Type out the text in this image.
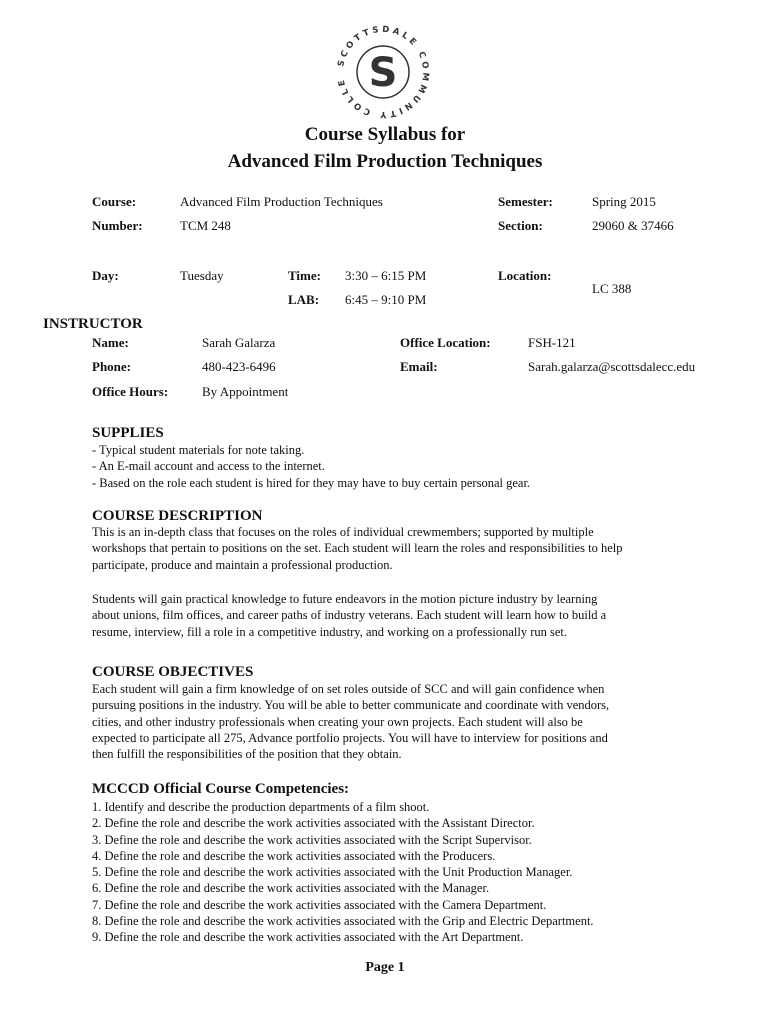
SCOTTSDALE COMMUNITY COLLE S
Course Syllabus for
Advanced Film Production Techniques
Course:	Advanced Film Production Techniques	Semester:	Spring 2015
Number:	TCM 248	Section:	29060 & 37466
Day:	Tuesday	Time: 3:30 – 6:15 PM	Location:
LC 388
LAB: 6:45 – 9:10 PM
INSTRUCTOR
Name:	Sarah Galarza	Office Location:	FSH-121
Phone:	480-423-6496	Email:	Sarah.galarza@scottsdalecc.edu
Office Hours:	By Appointment
SUPPLIES
- Typical student materials for note taking.
- An E-mail account and access to the internet.
- Based on the role each student is hired for they may have to buy certain personal gear.
COURSE DESCRIPTION
This is an in-depth class that focuses on the roles of individual crewmembers; supported by multiple
workshops that pertain to positions on the set. Each student will learn the roles and responsibilities to help
participate, produce and maintain a professional production.
Students will gain practical knowledge to future endeavors in the motion picture industry by learning
about unions, film offices, and career paths of industry veterans. Each student will learn how to build a
resume, interview, fill a role in a competitive industry, and working on a professionally run set.
COURSE OBJECTIVES
Each student will gain a firm knowledge of on set roles outside of SCC and will gain confidence when
pursuing positions in the industry. You will be able to better communicate and coordinate with vendors,
cities, and other industry professionals when creating your own projects. Each student will also be
expected to participate all 275, Advance portfolio projects. You will have to interview for positions and
then fulfill the responsibilities of the position that they obtain.
MCCCD Official Course Competencies:
1. Identify and describe the production departments of a film shoot.
2. Define the role and describe the work activities associated with the Assistant Director.
3. Define the role and describe the work activities associated with the Script Supervisor.
4. Define the role and describe the work activities associated with the Producers.
5. Define the role and describe the work activities associated with the Unit Production Manager.
6. Define the role and describe the work activities associated with the Manager.
7. Define the role and describe the work activities associated with the Camera Department.
8. Define the role and describe the work activities associated with the Grip and Electric Department.
9. Define the role and describe the work activities associated with the Art Department.
Page 1
